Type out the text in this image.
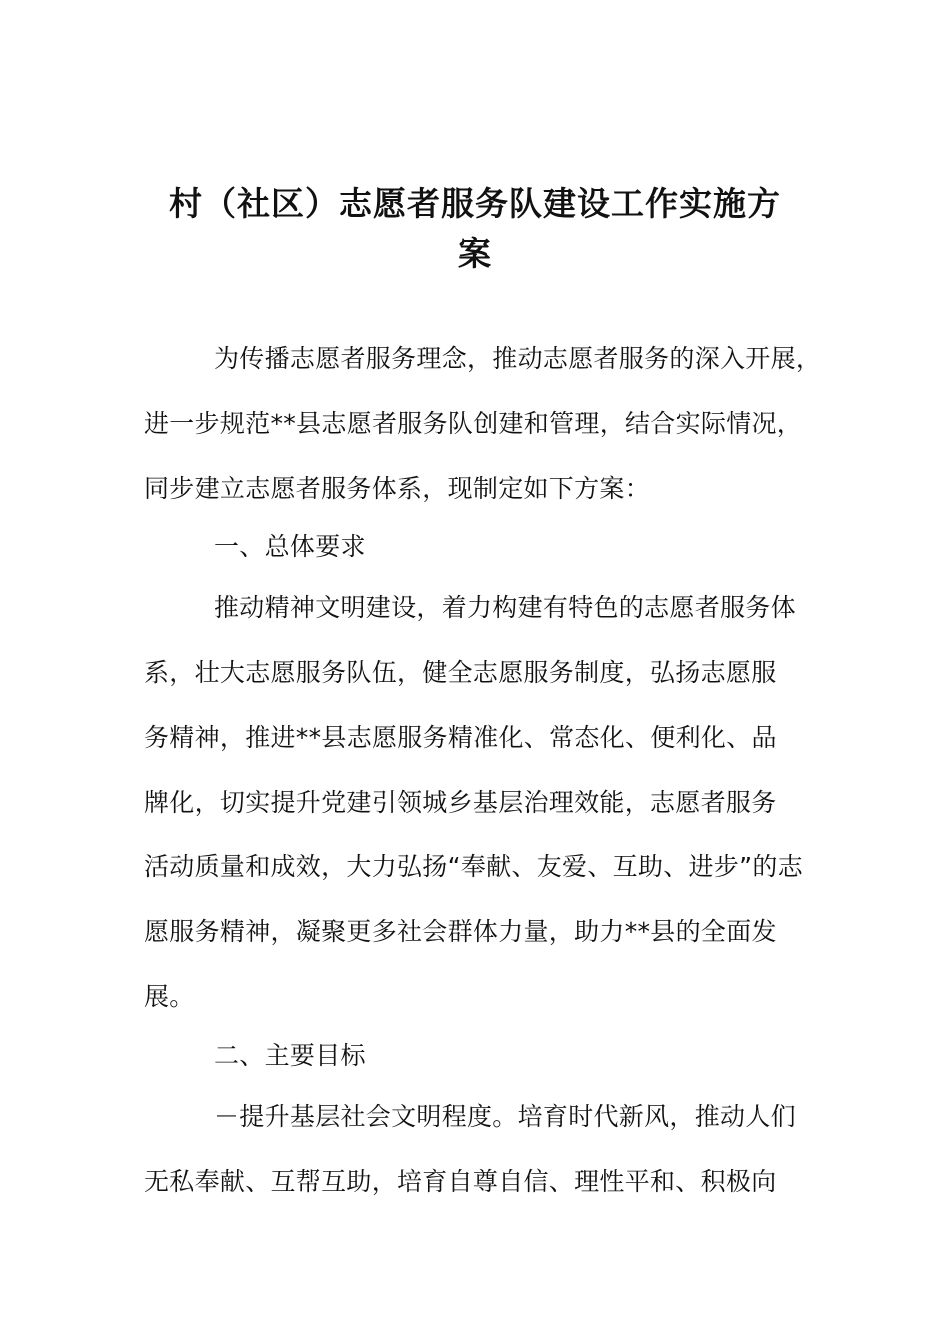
村（社区）志愿者服务队建设工作实施方
案
为传播志愿者服务理念，推动志愿者服务的深入开展，
进一步规范**县志愿者服务队创建和管理，结合实际情况，
同步建立志愿者服务体系，现制定如下方案：
一、总体要求
推动精神文明建设，着力构建有特色的志愿者服务体
系，壮大志愿服务队伍，健全志愿服务制度，弘扬志愿服
务精神，推进**县志愿服务精准化、常态化、便利化、品
牌化，切实提升党建引领城乡基层治理效能，志愿者服务
活动质量和成效，大力弘扬“奉献、友爱、互助、进步”的志
愿服务精神，凝聚更多社会群体力量，助力**县的全面发
展。
二、主要目标
－提升基层社会文明程度。培育时代新风，推动人们
无私奉献、互帮互助，培育自尊自信、理性平和、积极向
